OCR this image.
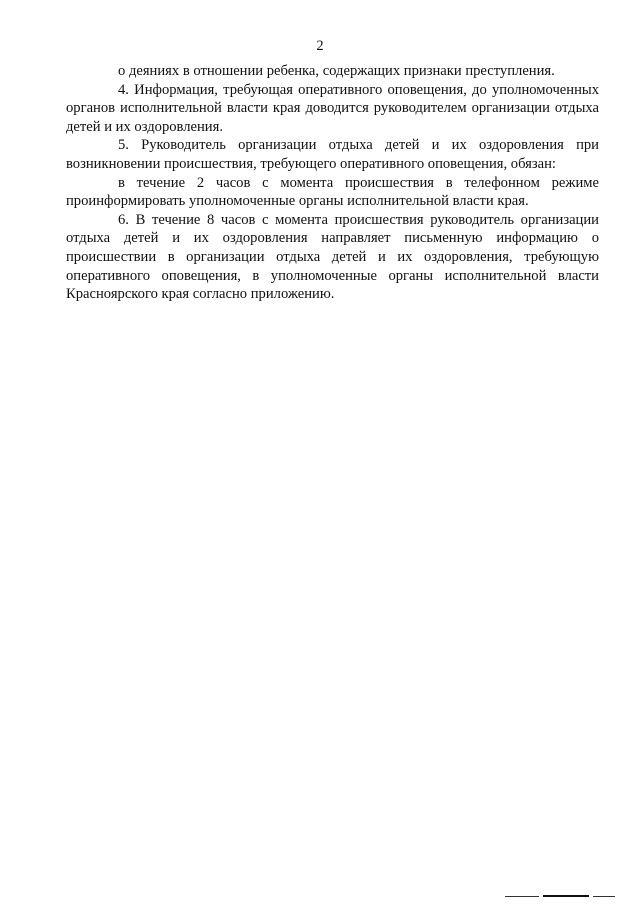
2

о деяниях в отношении ребенка, содержащих признаки преступления.

4. Информация, требующая оперативного оповещения, до уполномоченных органов исполнительной власти края доводится руководителем организации отдыха детей и их оздоровления.

5. Руководитель организации отдыха детей и их оздоровления при возникновении происшествия, требующего оперативного оповещения, обязан:

в течение 2 часов с момента происшествия в телефонном режиме проинформировать уполномоченные органы исполнительной власти края.

6. В течение 8 часов с момента происшествия руководитель организации отдыха детей и их оздоровления направляет письменную информацию о происшествии в организации отдыха детей и их оздоровления, требующую оперативного оповещения, в уполномоченные органы исполнительной власти Красноярского края согласно приложению.
